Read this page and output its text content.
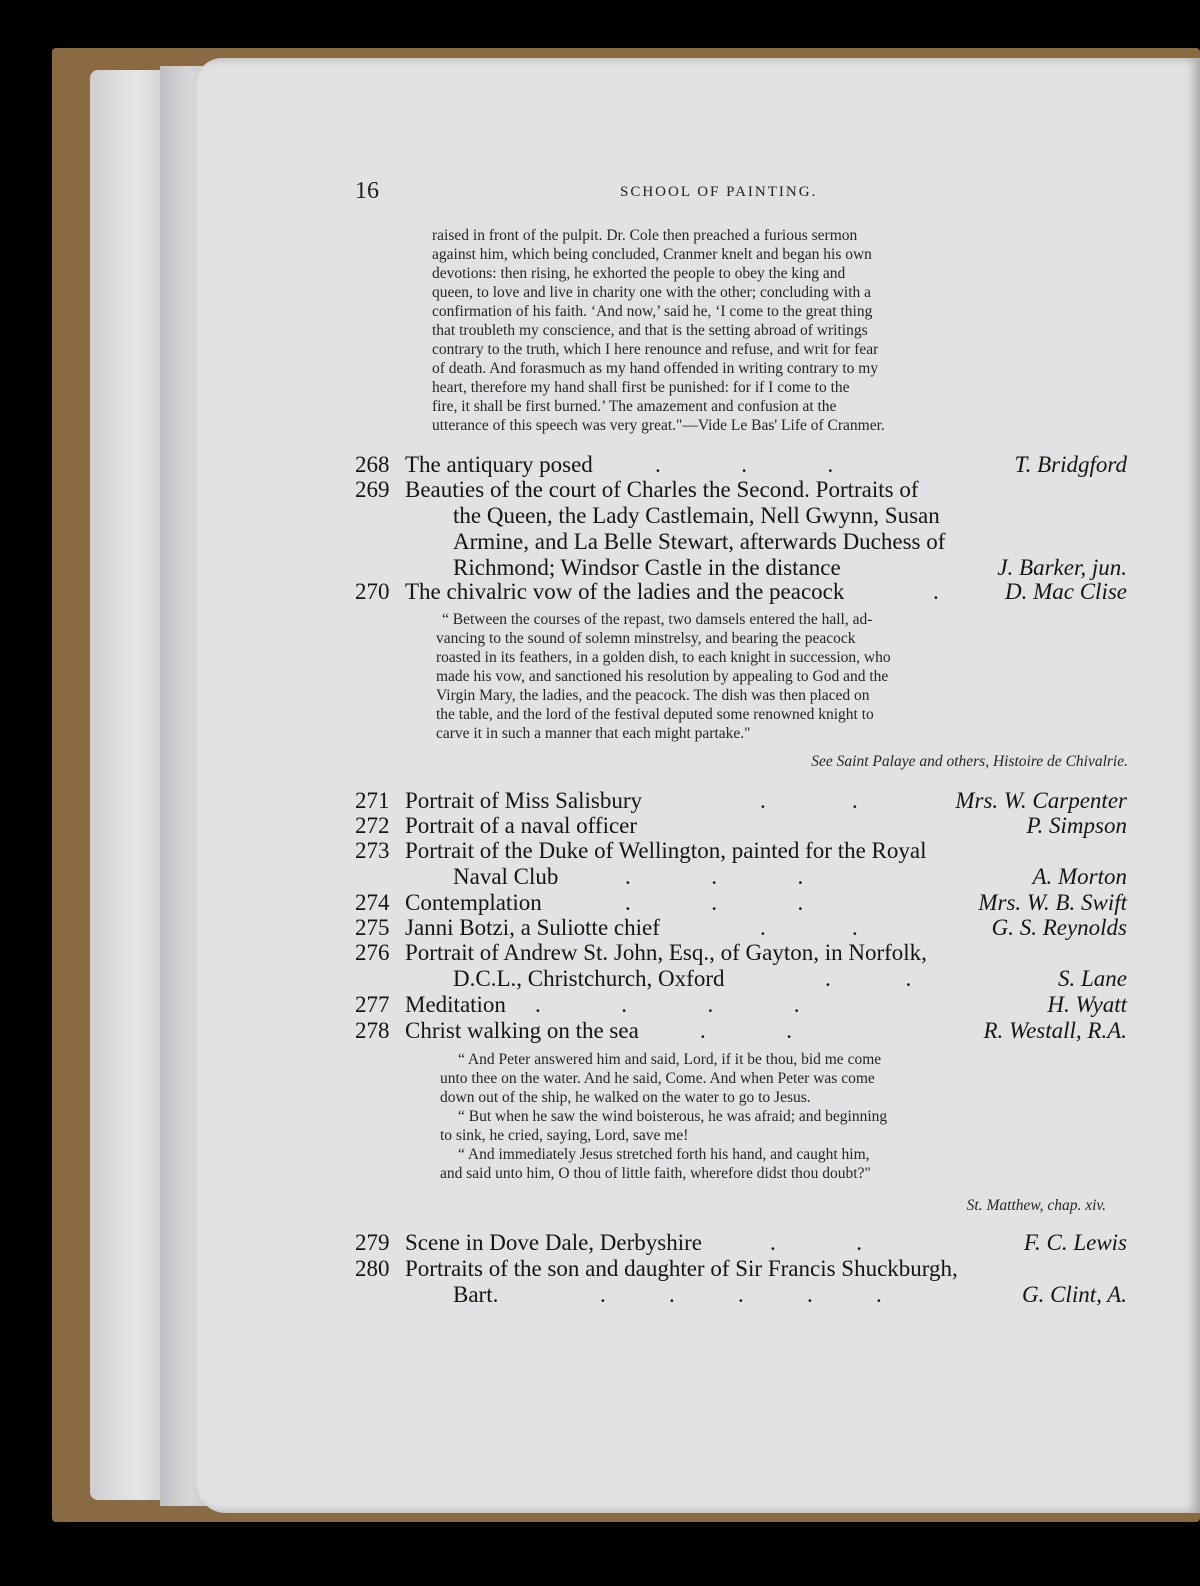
16	SCHOOL OF PAINTING.

raised in front of the pulpit. Dr. Cole then preached a furious sermon

against him, which being concluded, Cranmer knelt and began his own

devotions: then rising, he exhorted the people to obey the king and

queen, to love and live in charity one with the other; concluding with a

confirmation of his faith. ‘And now,’ said he, ‘I come to the great thing

that troubleth my conscience, and that is the setting abroad of writings

contrary to the truth, which I here renounce and refuse, and writ for fear

of death. And forasmuch as my hand offended in writing contrary to my

heart, therefore my hand shall first be punished: for if I come to the

fire, it shall be first burned.’ The amazement and confusion at the

utterance of this speech was very great."—Vide Le Bas' Life of Cranmer.

268 The antiquary posed	.              .              .	T. Bridgford
269 Beauties of the court of Charles the Second. Portraits of
the Queen, the Lady Castlemain, Nell Gwynn, Susan
Armine, and La Belle Stewart, afterwards Duchess of
Richmond; Windsor Castle in the distance	J. Barker, jun.
270 The chivalric vow of the ladies and the peacock	.	D. Mac Clise

“ Between the courses of the repast, two damsels entered the hall, ad-

vancing to the sound of solemn minstrelsy, and bearing the peacock

roasted in its feathers, in a golden dish, to each knight in succession, who

made his vow, and sanctioned his resolution by appealing to God and the

Virgin Mary, the ladies, and the peacock. The dish was then placed on

the table, and the lord of the festival deputed some renowned knight to

carve it in such a manner that each might partake."

See Saint Palaye and others, Histoire de Chivalrie.

271 Portrait of Miss Salisbury	.               .	Mrs. W. Carpenter
272 Portrait of a naval officer	P. Simpson
273 Portrait of the Duke of Wellington, painted for the Royal
Naval Club	.              .              .	A. Morton
274 Contemplation	.              .              .	Mrs. W. B. Swift
275 Janni Botzi, a Suliotte chief	.               .	G. S. Reynolds
276 Portrait of Andrew St. John, Esq., of Gayton, in Norfolk,
D.C.L., Christchurch, Oxford	.             .	S. Lane
277 Meditation .              .              .              .	H. Wyatt
278 Christ walking on the sea	.              .	R. Westall, R.A.

“ And Peter answered him and said, Lord, if it be thou, bid me come

unto thee on the water. And he said, Come. And when Peter was come

down out of the ship, he walked on the water to go to Jesus.

“ But when he saw the wind boisterous, he was afraid; and beginning

to sink, he cried, saying, Lord, save me!

“ And immediately Jesus stretched forth his hand, and caught him,

and said unto him, O thou of little faith, wherefore didst thou doubt?"

St. Matthew, chap. xiv.

279 Scene in Dove Dale, Derbyshire	.              .	F. C. Lewis
280 Portraits of the son and daughter of Sir Francis Shuckburgh,
Bart.	.           .           .           .           .	G. Clint, A.
